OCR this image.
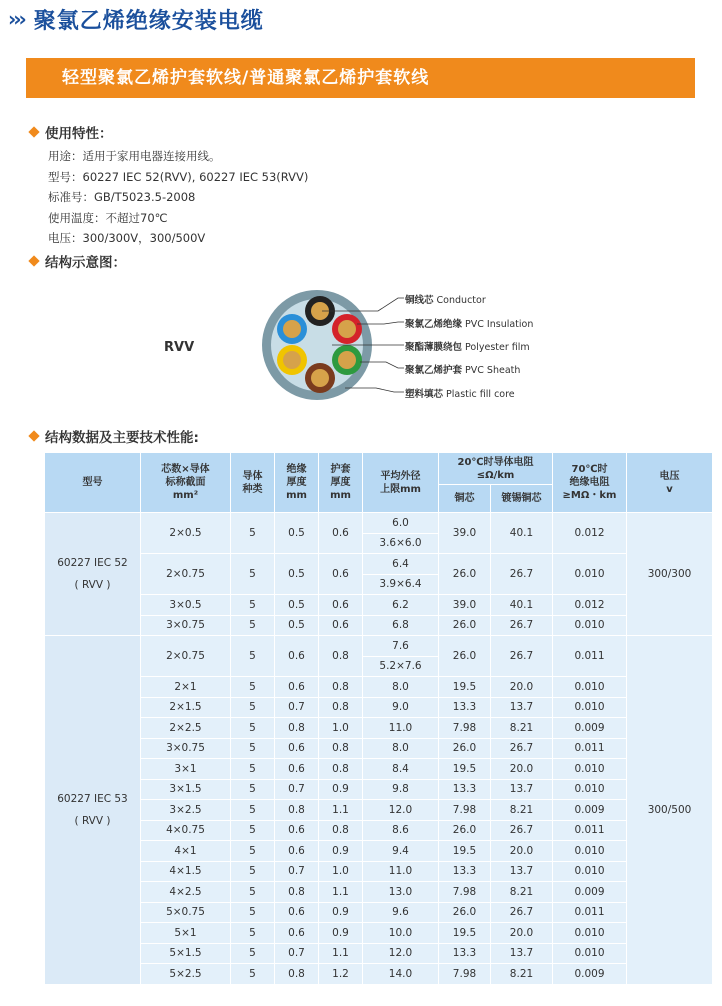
››› 聚氯乙烯绝缘安装电缆
轻型聚氯乙烯护套软线/普通聚氯乙烯护套软线
使用特性：
用途：适用于家用电器连接用线。
型号：60227 IEC 52(RVV), 60227 IEC 53(RVV)
标准号：GB/T5023.5-2008
使用温度：不超过70℃
电压：300/300V，300/500V
结构示意图：
RVV
铜线芯 Conductor
聚氯乙烯绝缘 PVC Insulation
聚酯薄膜绕包 Polyester film
聚氯乙烯护套 PVC Sheath
塑料填芯 Plastic fill core
结构数据及主要技术性能:
型号	芯数×导体
标称截面
mm²	导体
种类	绝缘
厚度
mm	护套
厚度
mm	平均外径
上限mm	20℃时导体电阻
≤Ω/km		70℃时
绝缘电阻
≥MΩ・km	电压
v
						铜芯	镀锡铜芯		
60227 IEC 52
( RVV )	2×0.5	5	0.5	0.6	6.0	39.0	40.1	0.012	300/300
					3.6×6.0				
	2×0.75	5	0.5	0.6	6.4	26.0	26.7	0.010	
					3.9×6.4				
	3×0.5	5	0.5	0.6	6.2	39.0	40.1	0.012	
	3×0.75	5	0.5	0.6	6.8	26.0	26.7	0.010	
60227 IEC 53
( RVV )	2×0.75	5	0.6	0.8	7.6	26.0	26.7	0.011	300/500
					5.2×7.6				
	2×1	5	0.6	0.8	8.0	19.5	20.0	0.010	
	2×1.5	5	0.7	0.8	9.0	13.3	13.7	0.010	
	2×2.5	5	0.8	1.0	11.0	7.98	8.21	0.009	
	3×0.75	5	0.6	0.8	8.0	26.0	26.7	0.011	
	3×1	5	0.6	0.8	8.4	19.5	20.0	0.010	
	3×1.5	5	0.7	0.9	9.8	13.3	13.7	0.010	
	3×2.5	5	0.8	1.1	12.0	7.98	8.21	0.009	
	4×0.75	5	0.6	0.8	8.6	26.0	26.7	0.011	
	4×1	5	0.6	0.9	9.4	19.5	20.0	0.010	
	4×1.5	5	0.7	1.0	11.0	13.3	13.7	0.010	
	4×2.5	5	0.8	1.1	13.0	7.98	8.21	0.009	
	5×0.75	5	0.6	0.9	9.6	26.0	26.7	0.011	
	5×1	5	0.6	0.9	10.0	19.5	20.0	0.010	
	5×1.5	5	0.7	1.1	12.0	13.3	13.7	0.010	
	5×2.5	5	0.8	1.2	14.0	7.98	8.21	0.009	
